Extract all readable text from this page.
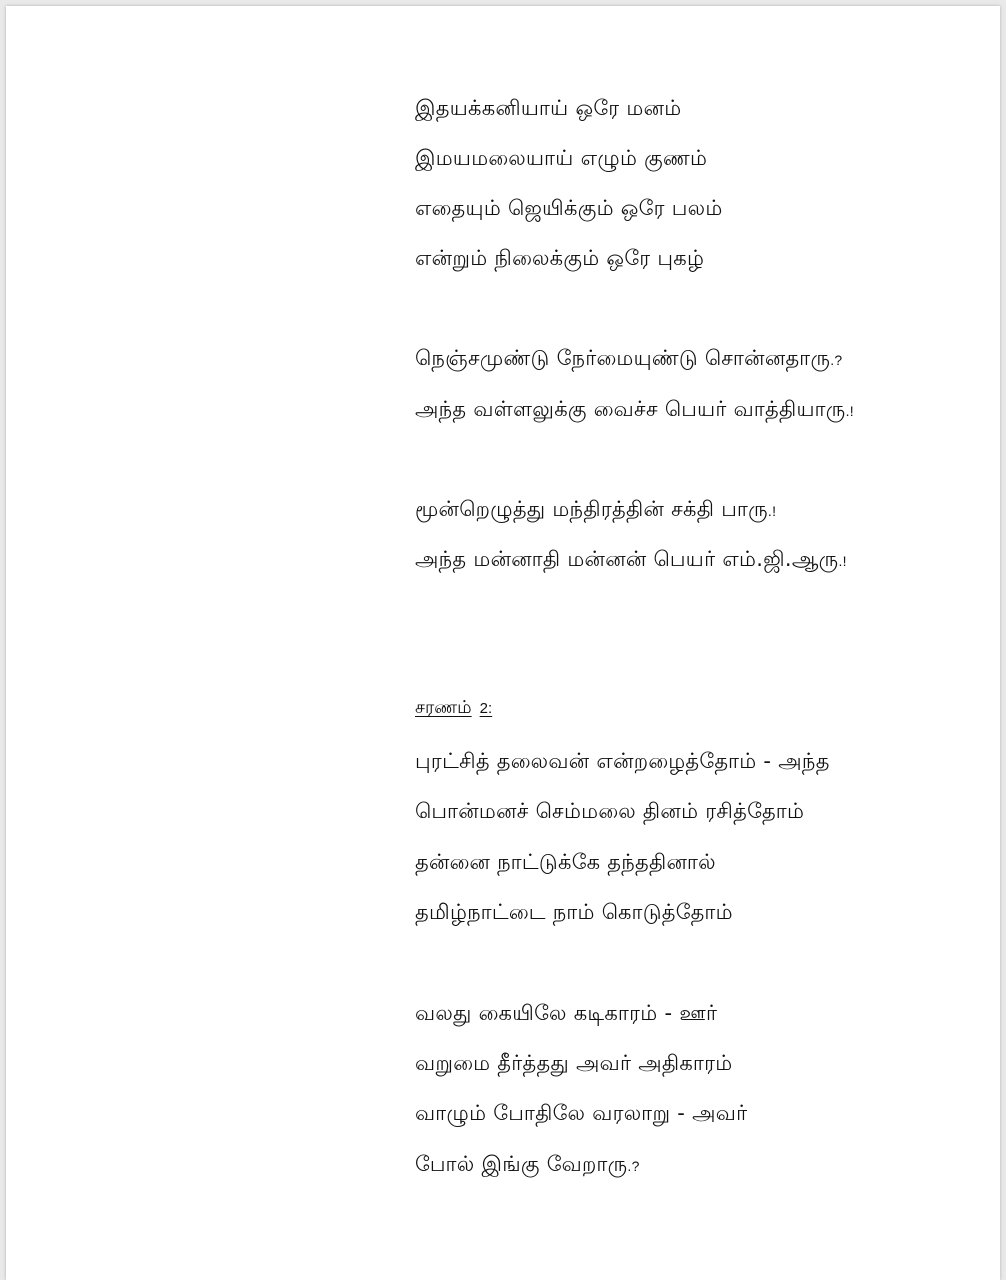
இதயக்கனியாய் ஒரே மனம்
இமயமலையாய் எழும் குணம்
எதையும் ஜெயிக்கும் ஒரே பலம்
என்றும் நிலைக்கும் ஒரே புகழ்
நெஞ்சமுண்டு நேர்மையுண்டு சொன்னதாரு.?
அந்த வள்ளலுக்கு வைச்ச பெயர் வாத்தியாரு.!
மூன்றெழுத்து மந்திரத்தின் சக்தி பாரு.!
அந்த மன்னாதி மன்னன் பெயர் எம்.ஜி.ஆரு.!
சரணம் 2:
புரட்சித் தலைவன் என்றழைத்தோம் - அந்த
பொன்மனச் செம்மலை தினம் ரசித்தோம்
தன்னை நாட்டுக்கே தந்ததினால்
தமிழ்நாட்டை நாம் கொடுத்தோம்
வலது கையிலே கடிகாரம் - ஊர்
வறுமை தீர்த்தது அவர் அதிகாரம்
வாழும் போதிலே வரலாறு - அவர்
போல் இங்கு வேறாரு.?
